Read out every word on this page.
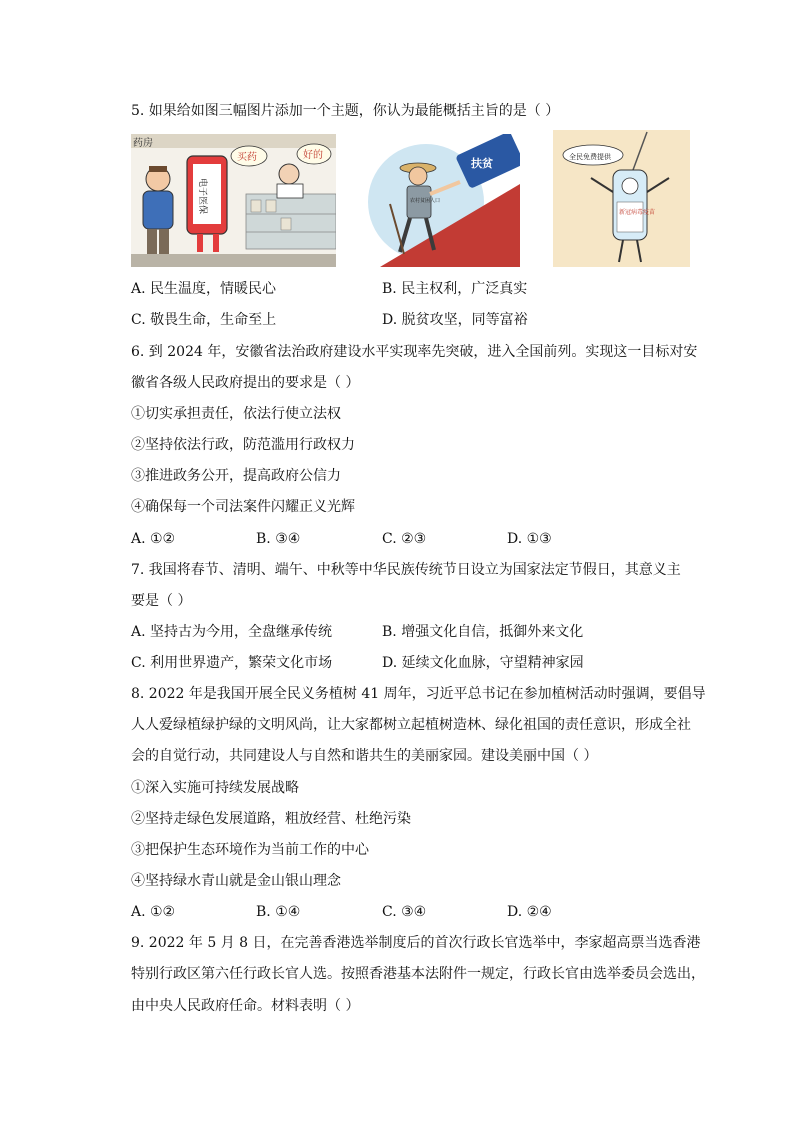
5. 如果给如图三幅图片添加一个主题，你认为最能概括主旨的是（ ）
药房
电子医保
买药	好的
扶贫
农村贫困人口
全民免费提供
新冠病毒疫苗
A. 民生温度，情暖民心	B. 民主权利，广泛真实
C. 敬畏生命，生命至上	D. 脱贫攻坚，同等富裕
6. 到 2024 年，安徽省法治政府建设水平实现率先突破，进入全国前列。实现这一目标对安
徽省各级人民政府提出的要求是（ ）
①切实承担责任，依法行使立法权
②坚持依法行政，防范滥用行政权力
③推进政务公开，提高政府公信力
④确保每一个司法案件闪耀正义光辉
A. ①②	B. ③④	C. ②③	D. ①③
7. 我国将春节、清明、端午、中秋等中华民族传统节日设立为国家法定节假日，其意义主
要是（ ）
A. 坚持古为今用，全盘继承传统	B. 增强文化自信，抵御外来文化
C. 利用世界遗产，繁荣文化市场	D. 延续文化血脉，守望精神家园
8. 2022 年是我国开展全民义务植树 41 周年，习近平总书记在参加植树活动时强调，要倡导
人人爱绿植绿护绿的文明风尚，让大家都树立起植树造林、绿化祖国的责任意识，形成全社
会的自觉行动，共同建设人与自然和谐共生的美丽家园。建设美丽中国（ ）
①深入实施可持续发展战略
②坚持走绿色发展道路，粗放经营、杜绝污染
③把保护生态环境作为当前工作的中心
④坚持绿水青山就是金山银山理念
A. ①②	B. ①④	C. ③④	D. ②④
9. 2022 年 5 月 8 日，在完善香港选举制度后的首次行政长官选举中，李家超高票当选香港
特别行政区第六任行政长官人选。按照香港基本法附件一规定，行政长官由选举委员会选出，
由中央人民政府任命。材料表明（ ）
